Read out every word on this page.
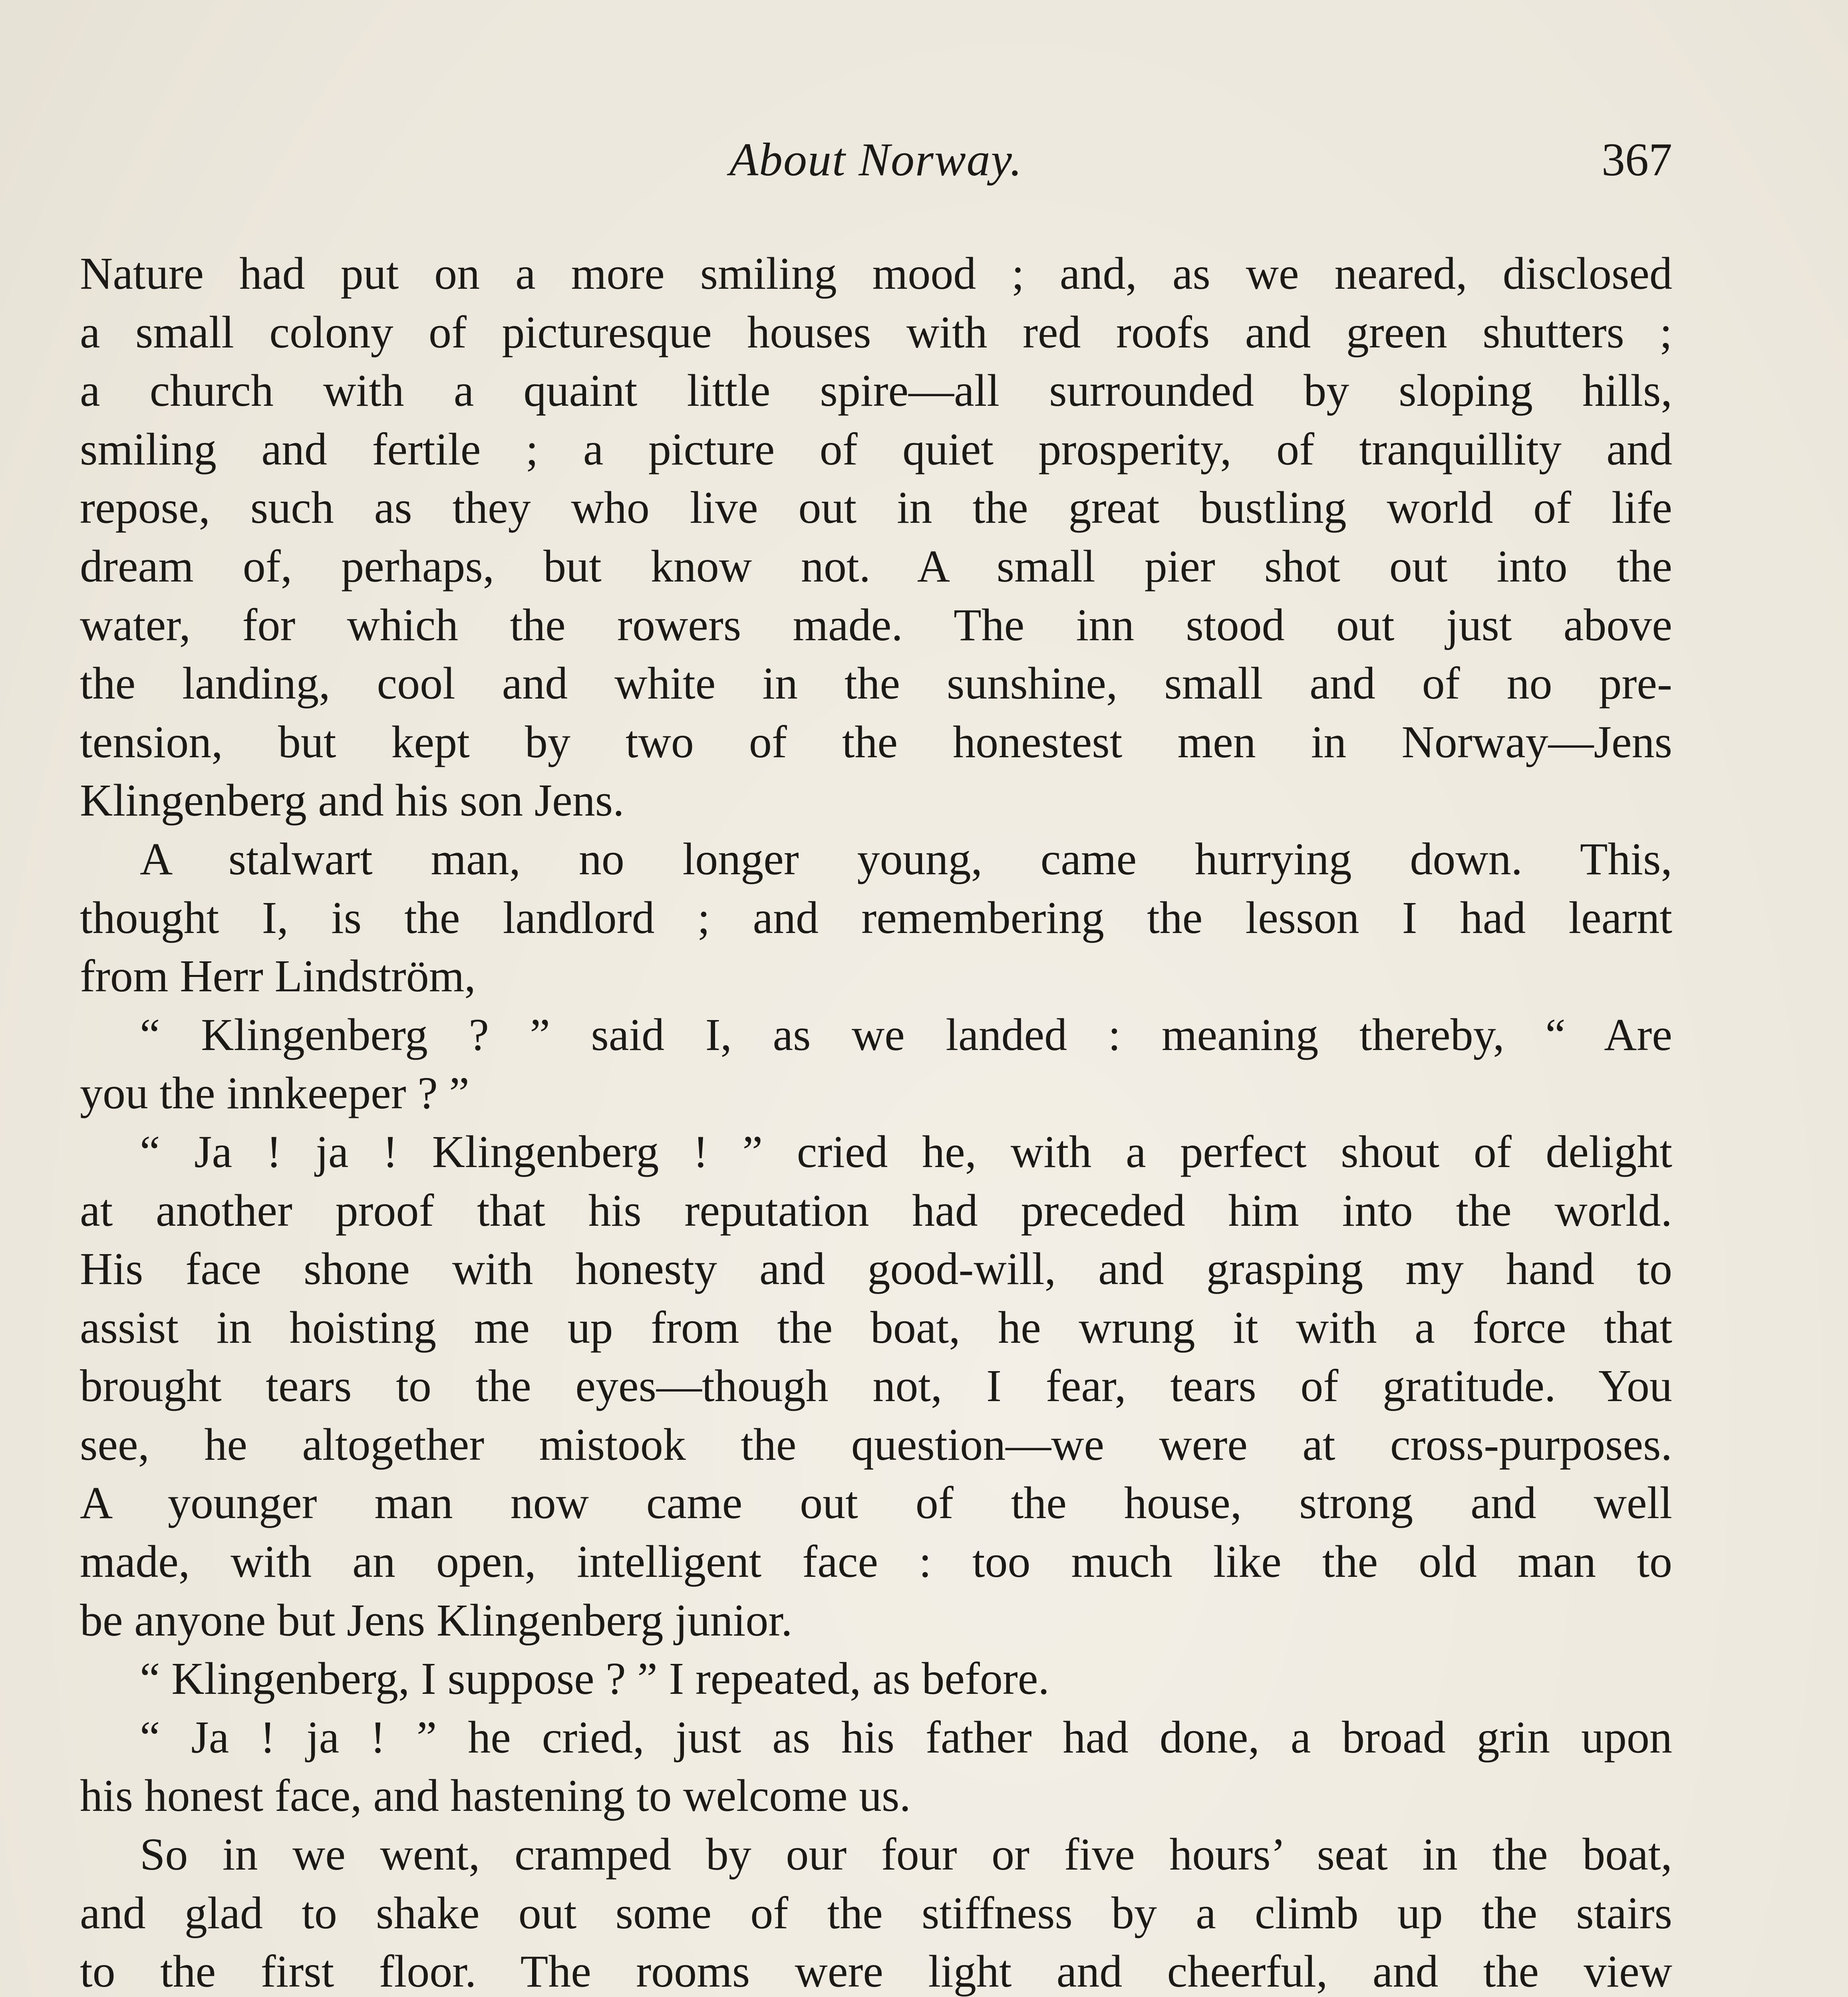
About Norway.	367
Nature had put on a more smiling mood ; and, as we neared, disclosed
a small colony of picturesque houses with red roofs and green shutters ;
a church with a quaint little spire—all surrounded by sloping hills,
smiling and fertile ; a picture of quiet prosperity, of tranquillity and
repose, such as they who live out in the great bustling world of life
dream of, perhaps, but know not. A small pier shot out into the
water, for which the rowers made. The inn stood out just above
the landing, cool and white in the sunshine, small and of no pre-
tension, but kept by two of the honestest men in Norway—Jens
Klingenberg and his son Jens.
A stalwart man, no longer young, came hurrying down. This,
thought I, is the landlord ; and remembering the lesson I had learnt
from Herr Lindström,
“ Klingenberg ? ” said I, as we landed : meaning thereby, “ Are
you the innkeeper ? ”
“ Ja ! ja ! Klingenberg ! ” cried he, with a perfect shout of delight
at another proof that his reputation had preceded him into the world.
His face shone with honesty and good-will, and grasping my hand to
assist in hoisting me up from the boat, he wrung it with a force that
brought tears to the eyes—though not, I fear, tears of gratitude. You
see, he altogether mistook the question—we were at cross-purposes.
A younger man now came out of the house, strong and well
made, with an open, intelligent face : too much like the old man to
be anyone but Jens Klingenberg junior.
“ Klingenberg, I suppose ? ” I repeated, as before.
“ Ja ! ja ! ” he cried, just as his father had done, a broad grin upon
his honest face, and hastening to welcome us.
So in we went, cramped by our four or five hours’ seat in the boat,
and glad to shake out some of the stiffness by a climb up the stairs
to the first floor. The rooms were light and cheerful, and the view
